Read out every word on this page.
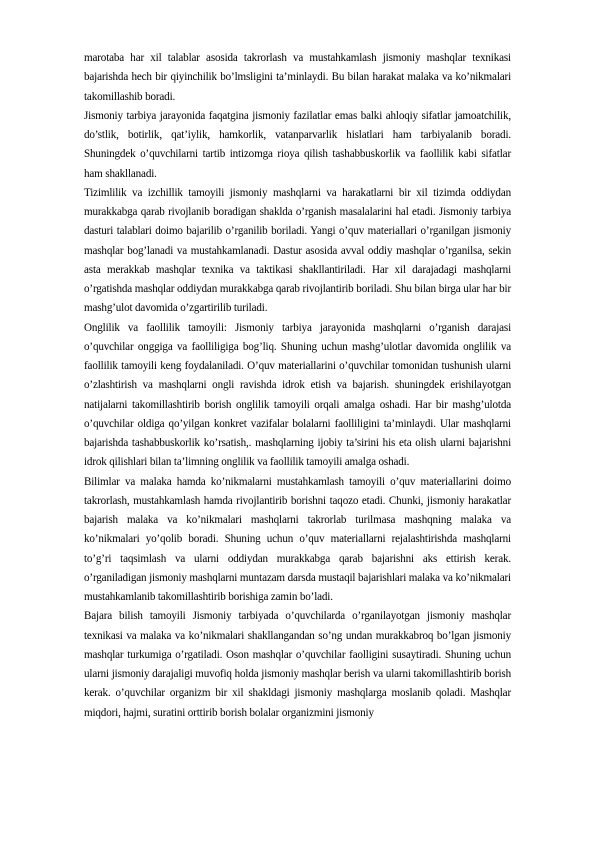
marotaba har xil talablar asosida takrorlash va mustahkamlash jismoniy mashqlar texnikasi bajarishda hech bir qiyinchilik bo’lmsligini ta’minlaydi. Bu bilan harakat malaka va ko’nikmalari takomillashib boradi.

Jismoniy tarbiya jarayonida faqatgina jismoniy fazilatlar emas balki ahloqiy sifatlar jamoatchilik, do’stlik, botirlik, qat’iylik, hamkorlik, vatanparvarlik hislatlari ham tarbiyalanib boradi. Shuningdek o’quvchilarni tartib intizomga rioya qilish tashabbuskorlik va faollilik kabi sifatlar ham shakllanadi.

Tizimlilik va izchillik tamoyili jismoniy mashqlarni va harakatlarni bir xil tizimda oddiydan murakkabga qarab rivojlanib boradigan shaklda o’rganish masalalarini hal etadi. Jismoniy tarbiya dasturi talablari doimo bajarilib o’rganilib boriladi. Yangi o’quv materiallari o’rganilgan jismoniy mashqlar bog’lanadi va mustahkamlanadi. Dastur asosida avval oddiy mashqlar o’rganilsa, sekin asta merakkab mashqlar texnika va taktikasi shakllantiriladi. Har xil darajadagi mashqlarni o’rgatishda mashqlar oddiydan murakkabga qarab rivojlantirib boriladi. Shu bilan birga ular har bir mashg’ulot davomida o’zgartirilib turiladi.

Onglilik va faollilik tamoyili: Jismoniy tarbiya jarayonida mashqlarni o’rganish darajasi o’quvchilar onggiga va faolliligiga bog’liq. Shuning uchun mashg’ulotlar davomida onglilik va faollilik tamoyili keng foydalaniladi. O’quv materiallarini o’quvchilar tomonidan tushunish ularni o’zlashtirish va mashqlarni ongli ravishda idrok etish va bajarish. shuningdek erishilayotgan natijalarni takomillashtirib borish onglilik tamoyili orqali amalga oshadi. Har bir mashg’ulotda o’quvchilar oldiga qo’yilgan konkret vazifalar bolalarni faolliligini ta’minlaydi. Ular mashqlarni bajarishda tashabbuskorlik ko’rsatish,. mashqlarning ijobiy ta’sirini his eta olish ularni bajarishni idrok qilishlari bilan ta’limning onglilik va faollilik tamoyili amalga oshadi.

Bilimlar va malaka hamda ko’nikmalarni mustahkamlash tamoyili o’quv materiallarini doimo takrorlash, mustahkamlash hamda rivojlantirib borishni taqozo etadi. Chunki, jismoniy harakatlar bajarish malaka va ko’nikmalari mashqlarni takrorlab turilmasa mashqning malaka va ko’nikmalari yo’qolib boradi. Shuning uchun o’quv materiallarni rejalashtirishda mashqlarni to’g’ri taqsimlash va ularni oddiydan murakkabga qarab bajarishni aks ettirish kerak. o’rganiladigan jismoniy mashqlarni muntazam darsda mustaqil bajarishlari malaka va ko’nikmalari mustahkamlanib takomillashtirib borishiga zamin bo’ladi.

Bajara bilish tamoyili Jismoniy tarbiyada o’quvchilarda o’rganilayotgan jismoniy mashqlar texnikasi va malaka va ko’nikmalari shakllangandan so’ng undan murakkabroq bo’lgan jismoniy mashqlar turkumiga o’rgatiladi. Oson mashqlar o’quvchilar faolligini susaytiradi. Shuning uchun ularni jismoniy darajaligi muvofiq holda jismoniy mashqlar berish va ularni takomillashtirib borish kerak. o’quvchilar organizm bir xil shakldagi jismoniy mashqlarga moslanib qoladi. Mashqlar miqdori, hajmi, suratini orttirib borish bolalar organizmini jismoniy
